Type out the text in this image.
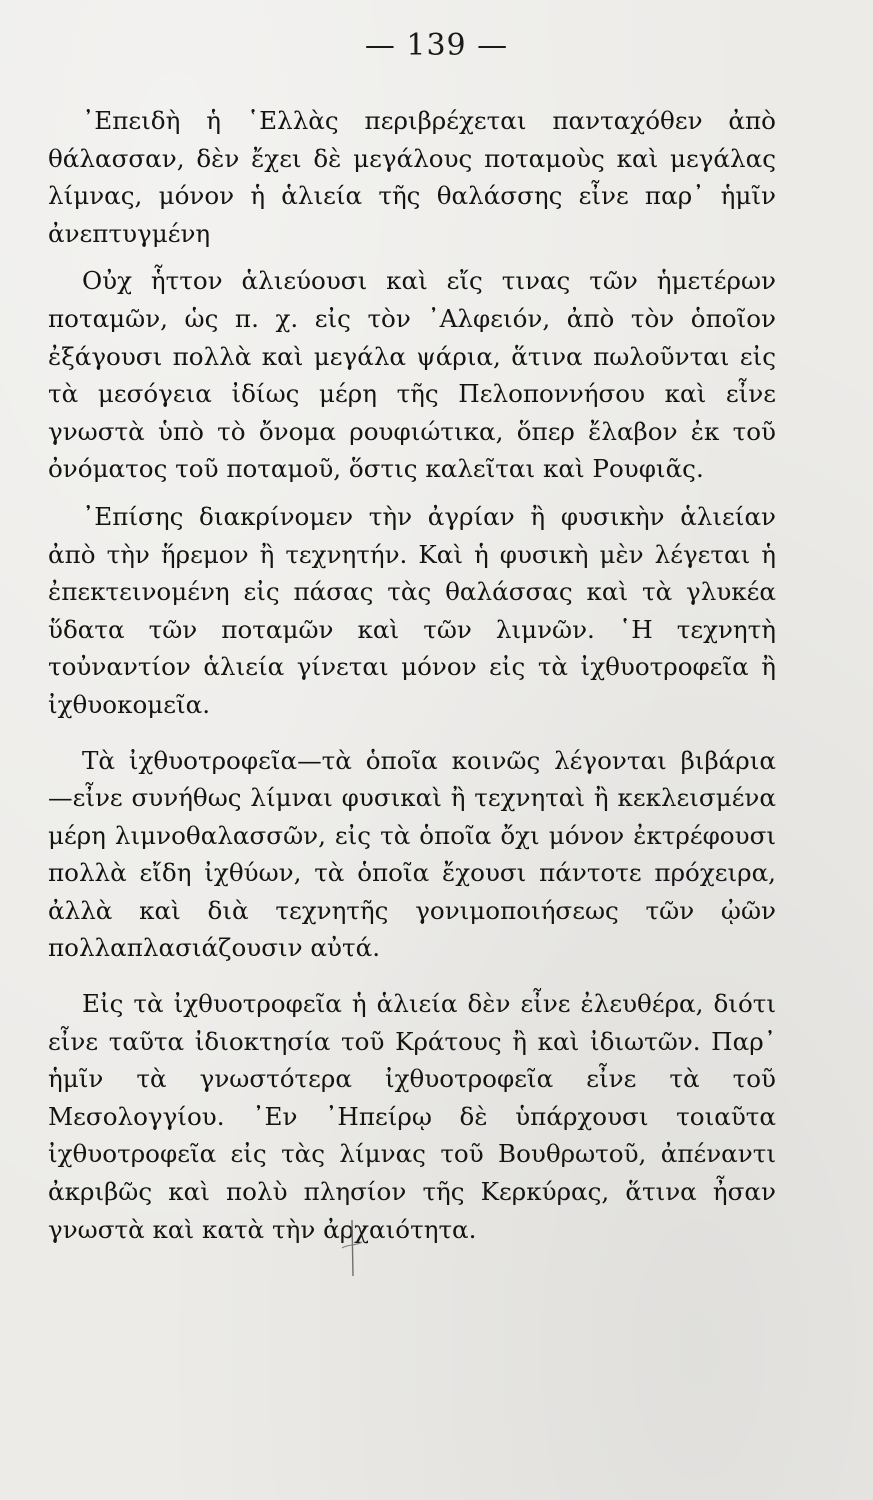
— 139 —

᾽Επειδὴ ἡ ῾Ελλὰς περιβρέχεται πανταχόθεν ἀπὸ θάλασσαν, δὲν ἔχει δὲ μεγάλους ποταμοὺς καὶ μεγάλας λίμνας, μόνον ἡ ἁλιεία τῆς θαλάσσης εἶνε παρ᾽ ἡμῖν ἀνεπτυγμένη

Οὐχ ἧττον ἁλιεύουσι καὶ εἴς τινας τῶν ἡμετέρων ποταμῶν, ὡς π. χ. εἰς τὸν ᾽Αλφειόν, ἀπὸ τὸν ὁποῖον ἐξάγουσι πολλὰ καὶ μεγάλα ψάρια, ἅτινα πωλοῦνται εἰς τὰ μεσόγεια ἰδίως μέρη τῆς Πελοποννήσου καὶ εἶνε γνωστὰ ὑπὸ τὸ ὄνομα ρουφιώτικα, ὅπερ ἔλαβον ἐκ τοῦ ὀνόματος τοῦ ποταμοῦ, ὅστις καλεῖται καὶ Ρουφιᾶς.

᾽Επίσης διακρίνομεν τὴν ἀγρίαν ἢ φυσικὴν ἁλιείαν ἀπὸ τὴν ἥρεμον ἢ τεχνητήν. Καὶ ἡ φυσικὴ μὲν λέγεται ἡ ἐπεκτεινομένη εἰς πάσας τὰς θαλάσσας καὶ τὰ γλυκέα ὕδατα τῶν ποταμῶν καὶ τῶν λιμνῶν. ῾Η τεχνητὴ τοὐναντίον ἁλιεία γίνεται μόνον εἰς τὰ ἰχθυοτροφεῖα ἢ ἰχθυοκομεῖα.

Τὰ ἰχθυοτροφεῖα—τὰ ὁποῖα κοινῶς λέγονται βιβάρια —εἶνε συνήθως λίμναι φυσικαὶ ἢ τεχνηταὶ ἢ κεκλεισμένα μέρη λιμνοθαλασσῶν, εἰς τὰ ὁποῖα ὄχι μόνον ἐκτρέφουσι πολλὰ εἴδη ἰχθύων, τὰ ὁποῖα ἔχουσι πάντοτε πρόχειρα, ἀλλὰ καὶ διὰ τεχνητῆς γονιμοποιήσεως τῶν ᾠῶν πολλαπλασιάζουσιν αὐτά.

Εἰς τὰ ἰχθυοτροφεῖα ἡ ἁλιεία δὲν εἶνε ἐλευθέρα, διότι εἶνε ταῦτα ἰδιοκτησία τοῦ Κράτους ἢ καὶ ἰδιωτῶν. Παρ᾽ ἡμῖν τὰ γνωστότερα ἰχθυοτροφεῖα εἶνε τὰ τοῦ Μεσολογγίου. ᾽Εν ᾽Ηπείρῳ δὲ ὑπάρχουσι τοιαῦτα ἰχθυοτροφεῖα εἰς τὰς λίμνας τοῦ Βουθρωτοῦ, ἀπέναντι ἀκριβῶς καὶ πολὺ πλησίον τῆς Κερκύρας, ἅτινα ἦσαν γνωστὰ καὶ κατὰ τὴν ἀρχαιότητα.
